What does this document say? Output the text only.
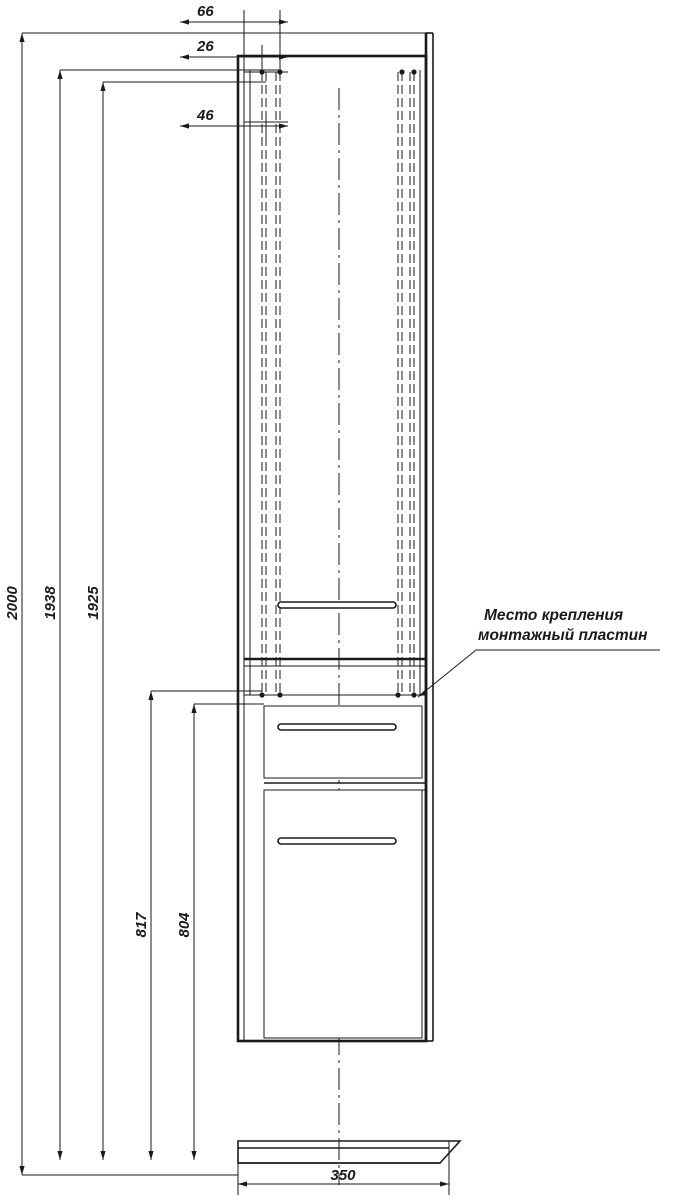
66
26
46
2000 1938 1925
817 804
350
Место крепления
монтажный пластин
